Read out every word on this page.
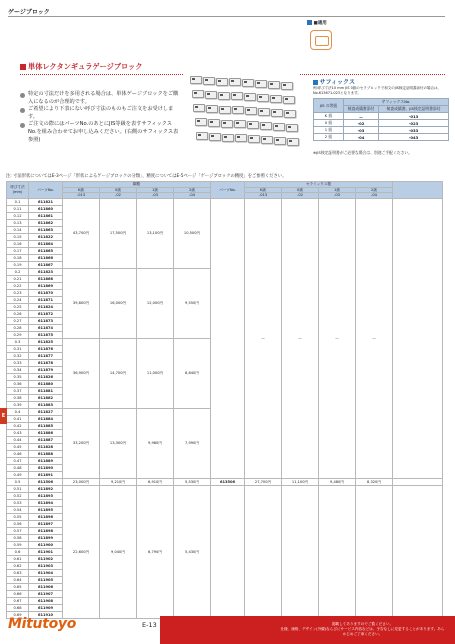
ゲージブロック
■適用
単体レクタンギュラゲージブロック
特定の寸法だけを多用される場合は、単体ゲージブロックをご購入になるのが合理的です。
ご希望により下表にない呼び寸法のものもご注文をお受けします。
ご注文の際にはパーツNo.のあとにJIS等級を表すサフィックスNo.を組み合わせてお申し込みください。(右側のサフィックス表参照)
サフィックス
例:呼び寸法10 mm JIS 0級のセラブロックで和文のJIS検定証明書添付の場合は、No.613671-023となります。
JIS の等級	サフィックスNo.	
	検査成績書添付	検査成績書、JIS検定証明書添付
K 級	—	-013
0 級	-02	-023
1 級	-03	-033
2 級	-04	-043
※JIS検定証明書がご必要な場合は、別途ご手配ください。
注: 寸法形状についてはE-3ページ「形状によるゲージブロックの分類」、精度についてはE-5ページ「ゲージブロックの精度」をご参照ください。
呼び寸法
(mm)	パーツNo.	鋼製				パーツNo.	セラミックス製				
		K級	0級	1級	2級		K級	0級	1級	2級	
		-013	-02	-03	-04		-013	-02	-03	-04	
0.1	611821	43,700円	17,500円	13,100円	10,500円		—	—	—	—	
0.11	611860										
0.12	611861										
0.13	611862										
0.14	611863										
0.15	611822										
0.16	611864										
0.17	611865										
0.18	611866										
0.19	611867										
0.2	611823	39,800円	16,000円	12,000円	9,550円						
0.21	611868										
0.22	611869										
0.23	611870										
0.24	611871										
0.25	611824										
0.26	611872										
0.27	611873										
0.28	611874										
0.29	611875										
0.3	611825	36,900円	14,700円	11,000円	8,840円						
0.31	611876										
0.32	611877										
0.33	611878										
0.34	611879										
0.35	611826										
0.36	611880										
0.37	611881										
0.38	611882										
0.39	611883										
0.4	611827	33,200円	13,300円	9,980円	7,990円						
0.41	611884										
0.42	611885										
0.43	611886										
0.44	611887										
0.45	611828										
0.46	611888										
0.47	611889										
0.48	611890										
0.49	611891										
0.5	611506	23,000円	9,210円	6,910円	5,530円	613506	27,700円	11,100円	9,480円	8,320円	
0.51	611892	22,600円	9,040円	6,790円	5,430円						
0.52	611893										
0.53	611894										
0.54	611895										
0.55	611896										
0.56	611897										
0.57	611898										
0.58	611899										
0.59	611900										
0.6	611901										
0.61	611902										
0.62	611903										
0.63	611904										
0.64	611905										
0.65	611906										
0.66	611907										
0.67	611908										
0.68	611909										
0.69	611910										
E
Mitutoyo	E-13	掲載してありますのでご覧ください。
仕様、価格、デザイン(外観)ならびにサービス内容などは、予告なしに変更することがあります。あらかじめご了承ください。
